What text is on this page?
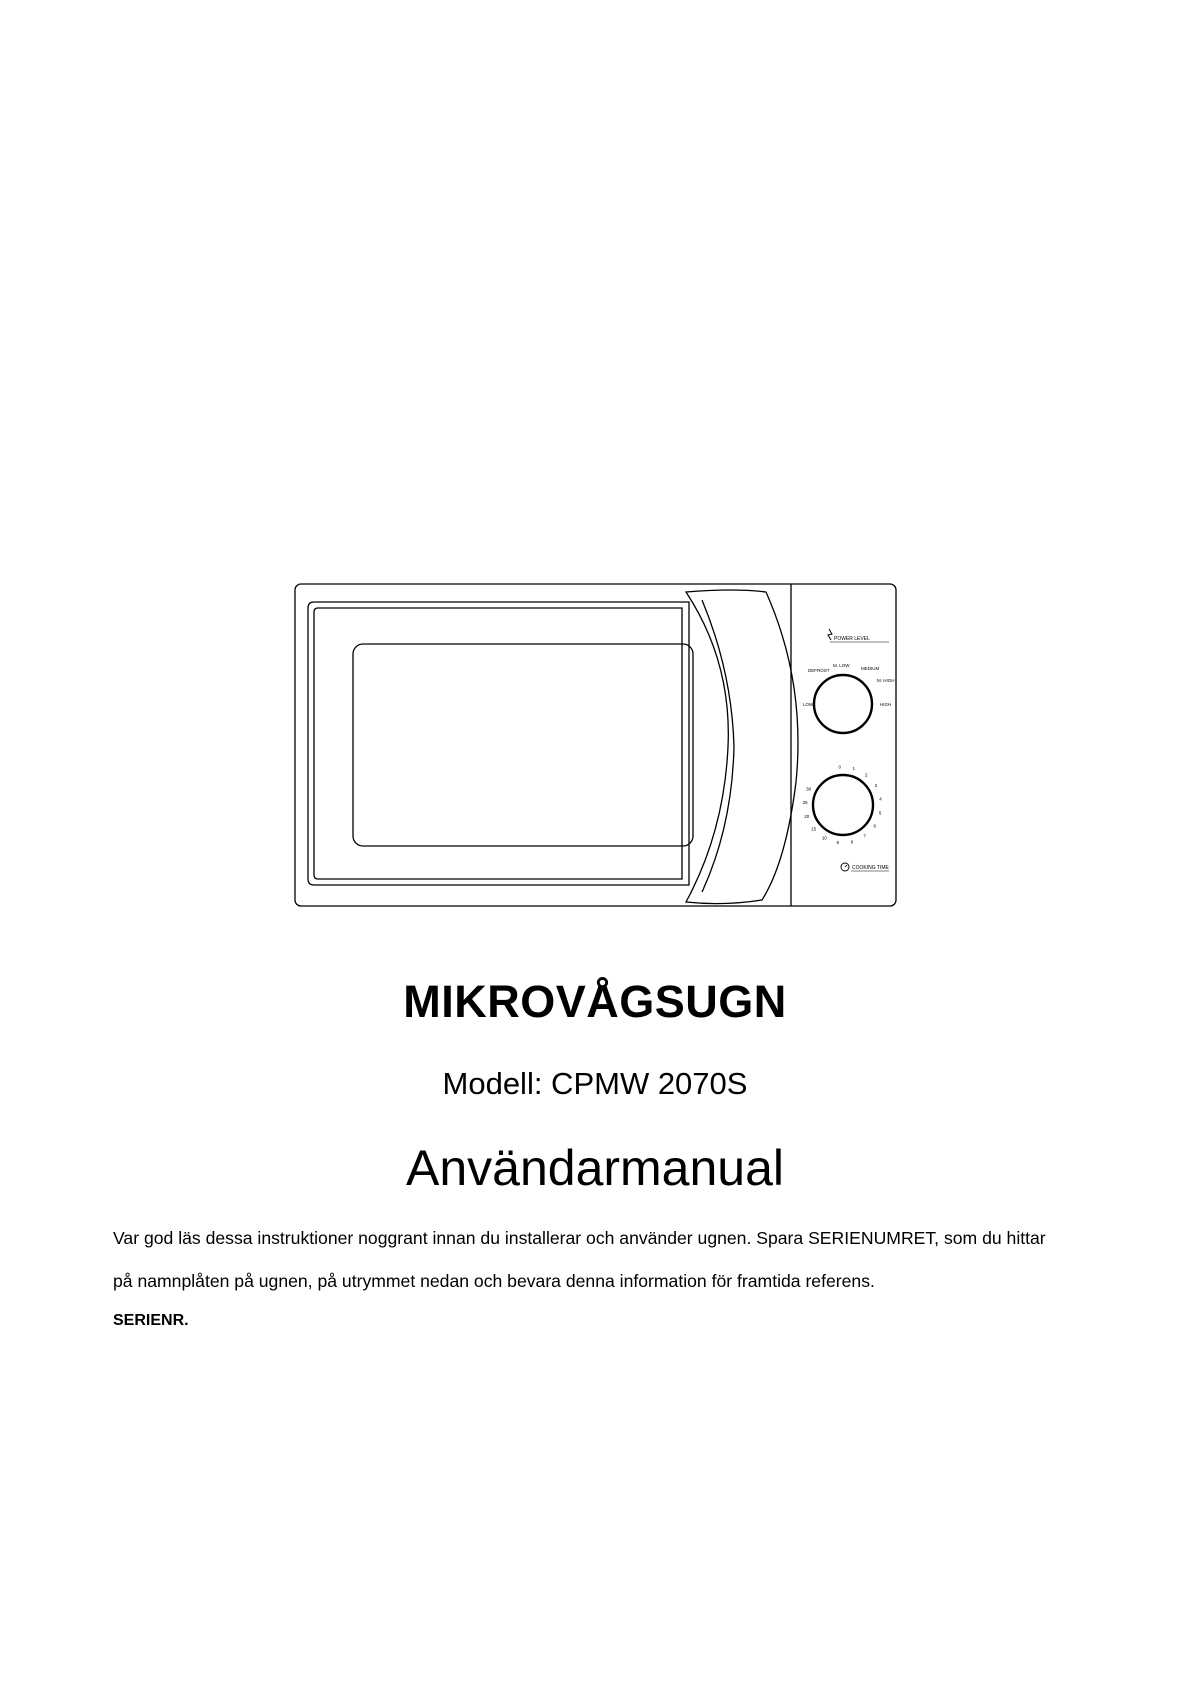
POWER LEVEL
LOW
DEFROST
M. LOW
MEDIUM
M. HIGH
HIGH
0	1
2
3
4
5
6
7
8
9
10
15
20
25
30
COOKING TIME
MIKROVÅGSUGN
Modell: CPMW 2070S
Användarmanual
Var god läs dessa instruktioner noggrant innan du installerar och använder ugnen. Spara SERIENUMRET, som du hittar
på namnplåten på ugnen, på utrymmet nedan och bevara denna information för framtida referens.
SERIENR.
